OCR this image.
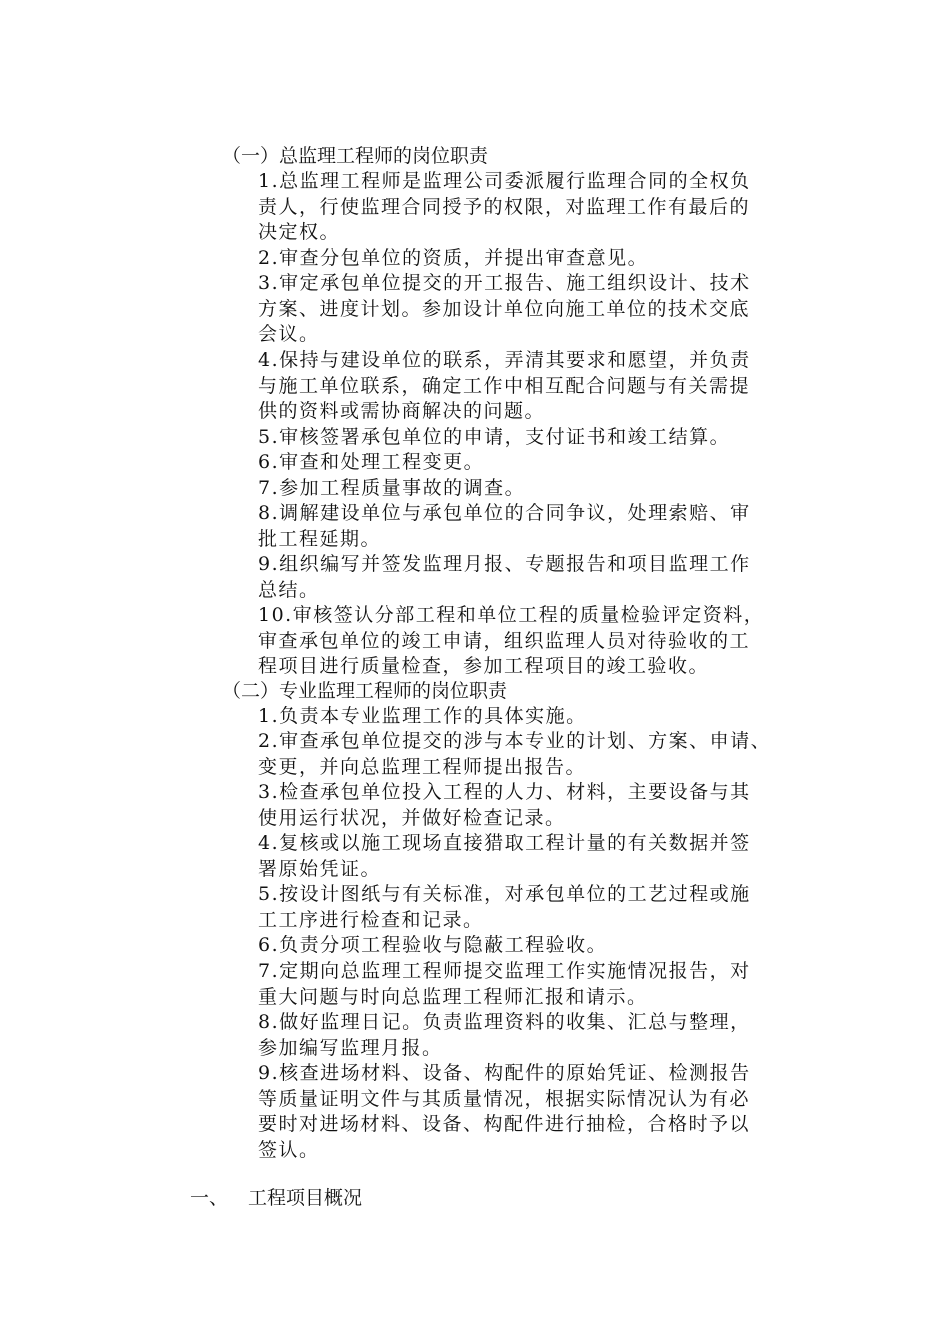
（一）总监理工程师的岗位职责
1.总监理工程师是监理公司委派履行监理合同的全权负
责人，行使监理合同授予的权限，对监理工作有最后的
决定权。
2.审查分包单位的资质，并提出审查意见。
3.审定承包单位提交的开工报告、施工组织设计、技术
方案、进度计划。参加设计单位向施工单位的技术交底
会议。
4.保持与建设单位的联系，弄清其要求和愿望，并负责
与施工单位联系，确定工作中相互配合问题与有关需提
供的资料或需协商解决的问题。
5.审核签署承包单位的申请，支付证书和竣工结算。
6.审查和处理工程变更。
7.参加工程质量事故的调查。
8.调解建设单位与承包单位的合同争议，处理索赔、审
批工程延期。
9.组织编写并签发监理月报、专题报告和项目监理工作
总结。
10.审核签认分部工程和单位工程的质量检验评定资料，
审查承包单位的竣工申请，组织监理人员对待验收的工
程项目进行质量检查，参加工程项目的竣工验收。
（二）专业监理工程师的岗位职责
1.负责本专业监理工作的具体实施。
2.审查承包单位提交的涉与本专业的计划、方案、申请、
变更，并向总监理工程师提出报告。
3.检查承包单位投入工程的人力、材料，主要设备与其
使用运行状况，并做好检查记录。
4.复核或以施工现场直接猎取工程计量的有关数据并签
署原始凭证。
5.按设计图纸与有关标准，对承包单位的工艺过程或施
工工序进行检查和记录。
6.负责分项工程验收与隐蔽工程验收。
7.定期向总监理工程师提交监理工作实施情况报告，对
重大问题与时向总监理工程师汇报和请示。
8.做好监理日记。负责监理资料的收集、汇总与整理，
参加编写监理月报。
9.核查进场材料、设备、构配件的原始凭证、检测报告
等质量证明文件与其质量情况，根据实际情况认为有必
要时对进场材料、设备、构配件进行抽检，合格时予以
签认。
一、 工程项目概况
